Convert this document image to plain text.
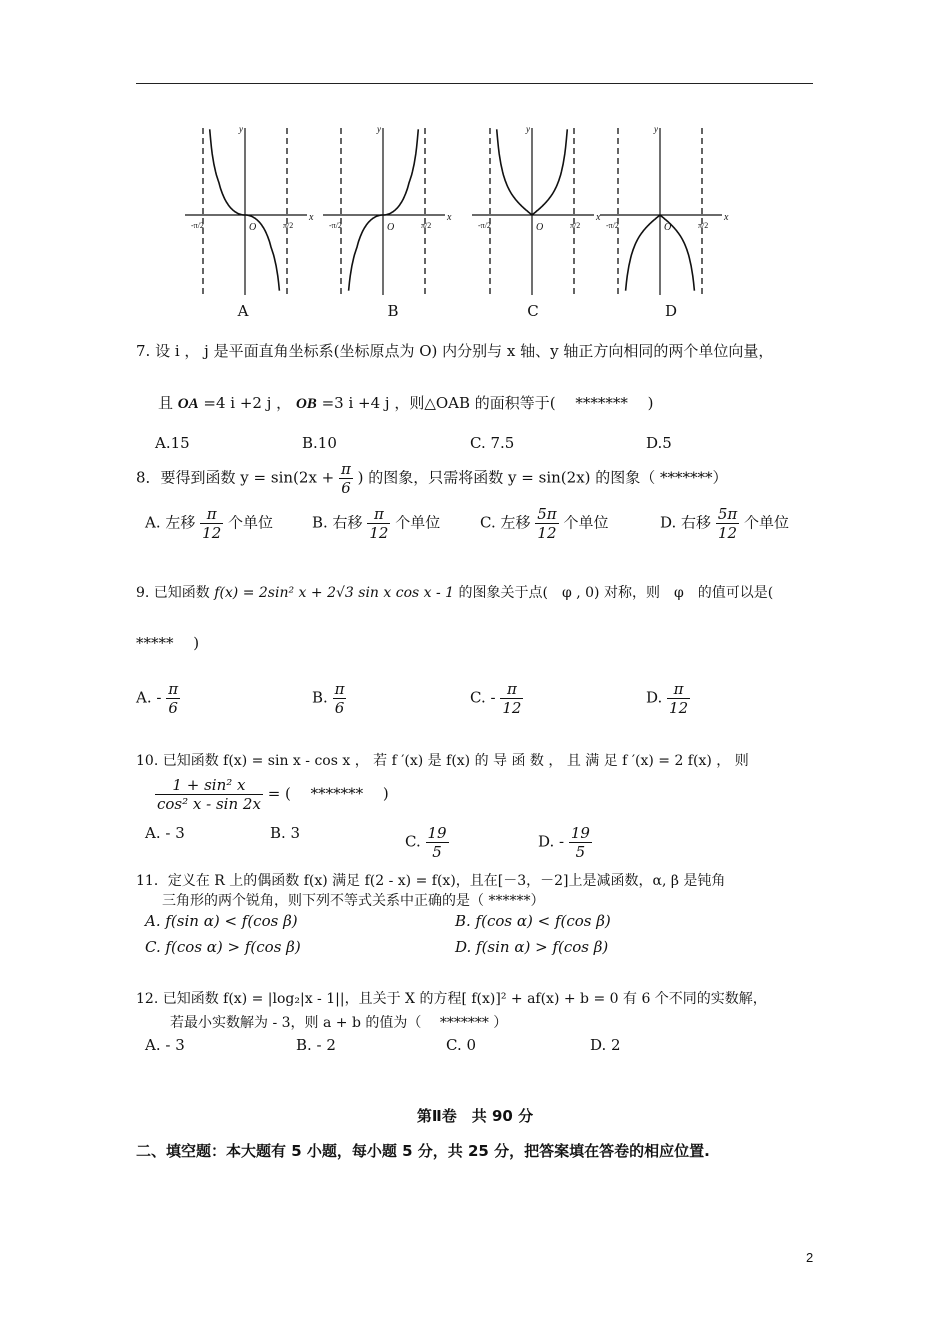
y
x
O
-π/2	π/2
y
x
O
-π/2	π/2
y
x
O
-π/2	π/2
y
x
O
-π/2	π/2
A	B	C	D
7. 设 i ， j 是平面直角坐标系(坐标原点为 O) 内分别与 x 轴、y 轴正方向相同的两个单位向量，
且 OA =4 i +2 j ， OB =3 i +4 j ，则△OAB 的面积等于(　 *******　 )
A.15	B.10	C. 7.5	D.5
8．要得到函数 $y = \sin(2x + \frac{\pi}{6}$ ) 的图象，只需将函数 y = sin(2x) 的图象（ *******）
A. 左移 $\frac{\pi}{12}$ 个单位	B. 右移 $\frac{\pi}{12}$ 个单位	C. 左移 $\frac{5\pi}{12}$ 个单位	D. 右移 $\frac{5\pi}{12}$ 个单位
9. 已知函数 f(x) = 2sin² x + 2√3 sin x cos x - 1 的图象关于点(　φ , 0) 对称，则　φ　的值可以是(
*****　 )
A. - $\frac{\pi}{6}$	B. $\frac{\pi}{6}$	C. - $\frac{\pi}{12}$	D. $\frac{\pi}{12}$
10. 已知函数 f(x) = sin x - cos x ， 若 f ′(x) 是 f(x) 的 导 函 数 ， 且 满 足 f ′(x) = 2 f(x) ， 则
$\frac{\text{1 + sin² x}}{\text{cos² x - sin 2x}}$ = (　 *******　 )
A. - 3	B. 3	C. $\frac{19}{5}$	D. - $\frac{19}{5}$
11．定义在 R 上的偶函数 f(x) 满足 f(2 - x) = f(x)，且在[－3，－2]上是减函数，α, β 是钝角
三角形的两个锐角，则下列不等式关系中正确的是（ ******）
A. f(sin α) < f(cos β)	B. f(cos α) < f(cos β)
C. f(cos α) > f(cos β)	D. f(sin α) > f(cos β)
12. 已知函数 f(x) = |log₂|x - 1||，且关于 X 的方程[ f(x)]² + af(x) + b = 0 有 6 个不同的实数解，
若最小实数解为 - 3，则 a + b 的值为（　 ******* ）
A. - 3	B. - 2	C. 0	D. 2
第Ⅱ卷　共 90 分
二、填空题：本大题有 5 小题，每小题 5 分，共 25 分，把答案填在答卷的相应位置.
2
